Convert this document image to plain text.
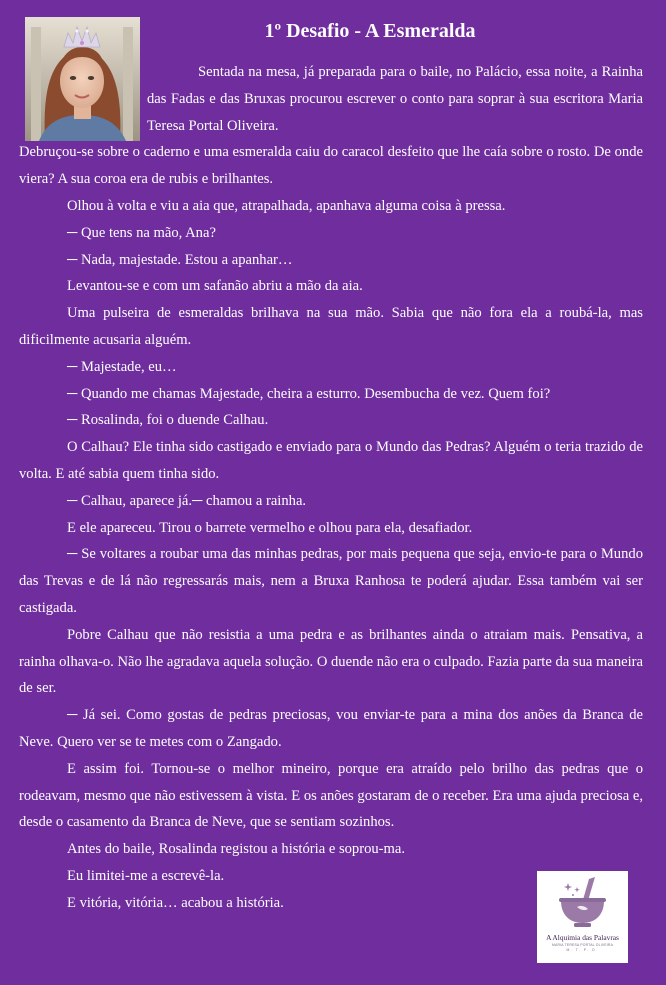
1º Desafio - A Esmeralda

Sentada na mesa, já preparada para o baile, no Palácio, essa noite, a Rainha das Fadas e das Bruxas procurou escrever o conto para soprar à sua escritora Maria Teresa Portal Oliveira.

Debruçou-se sobre o caderno e uma esmeralda caiu do caracol desfeito que lhe caía sobre o rosto. De onde viera? A sua coroa era de rubis e brilhantes.

Olhou à volta e viu a aia que, atrapalhada, apanhava alguma coisa à pressa.

─ Que tens na mão, Ana?

─ Nada, majestade. Estou a apanhar…

Levantou-se e com um safanão abriu a mão da aia.

Uma pulseira de esmeraldas brilhava na sua mão. Sabia que não fora ela a roubá-la, mas dificilmente acusaria alguém.

─ Majestade, eu…

─ Quando me chamas Majestade, cheira a esturro. Desembucha de vez. Quem foi?

─ Rosalinda, foi o duende Calhau.

O Calhau? Ele tinha sido castigado e enviado para o Mundo das Pedras? Alguém o teria trazido de volta. E até sabia quem tinha sido.

─ Calhau, aparece já.─ chamou a rainha.

E ele apareceu. Tirou o barrete vermelho e olhou para ela, desafiador.

─ Se voltares a roubar uma das minhas pedras, por mais pequena que seja, envio-te para o Mundo das Trevas e de lá não regressarás mais, nem a Bruxa Ranhosa te poderá ajudar. Essa também vai ser castigada.

Pobre Calhau que não resistia a uma pedra e as brilhantes ainda o atraiam mais. Pensativa, a rainha olhava-o. Não lhe agradava aquela solução. O duende não era o culpado. Fazia parte da sua maneira de ser.

─ Já sei. Como gostas de pedras preciosas, vou enviar-te para a mina dos anões da Branca de Neve. Quero ver se te metes com o Zangado.

E assim foi. Tornou-se o melhor mineiro, porque era atraído pelo brilho das pedras que o rodeavam, mesmo que não estivessem à vista. E os anões gostaram de o receber. Era uma ajuda preciosa e, desde o casamento da Branca de Neve, que se sentiam sozinhos.

Antes do baile, Rosalinda registou a história e soprou-ma.

Eu limitei-me a escrevê-la.

E vitória, vitória… acabou a história.

A Alquimia das Palavras

MARIA TERESA PORTAL OLIVEIRA

M. T. P. O.
